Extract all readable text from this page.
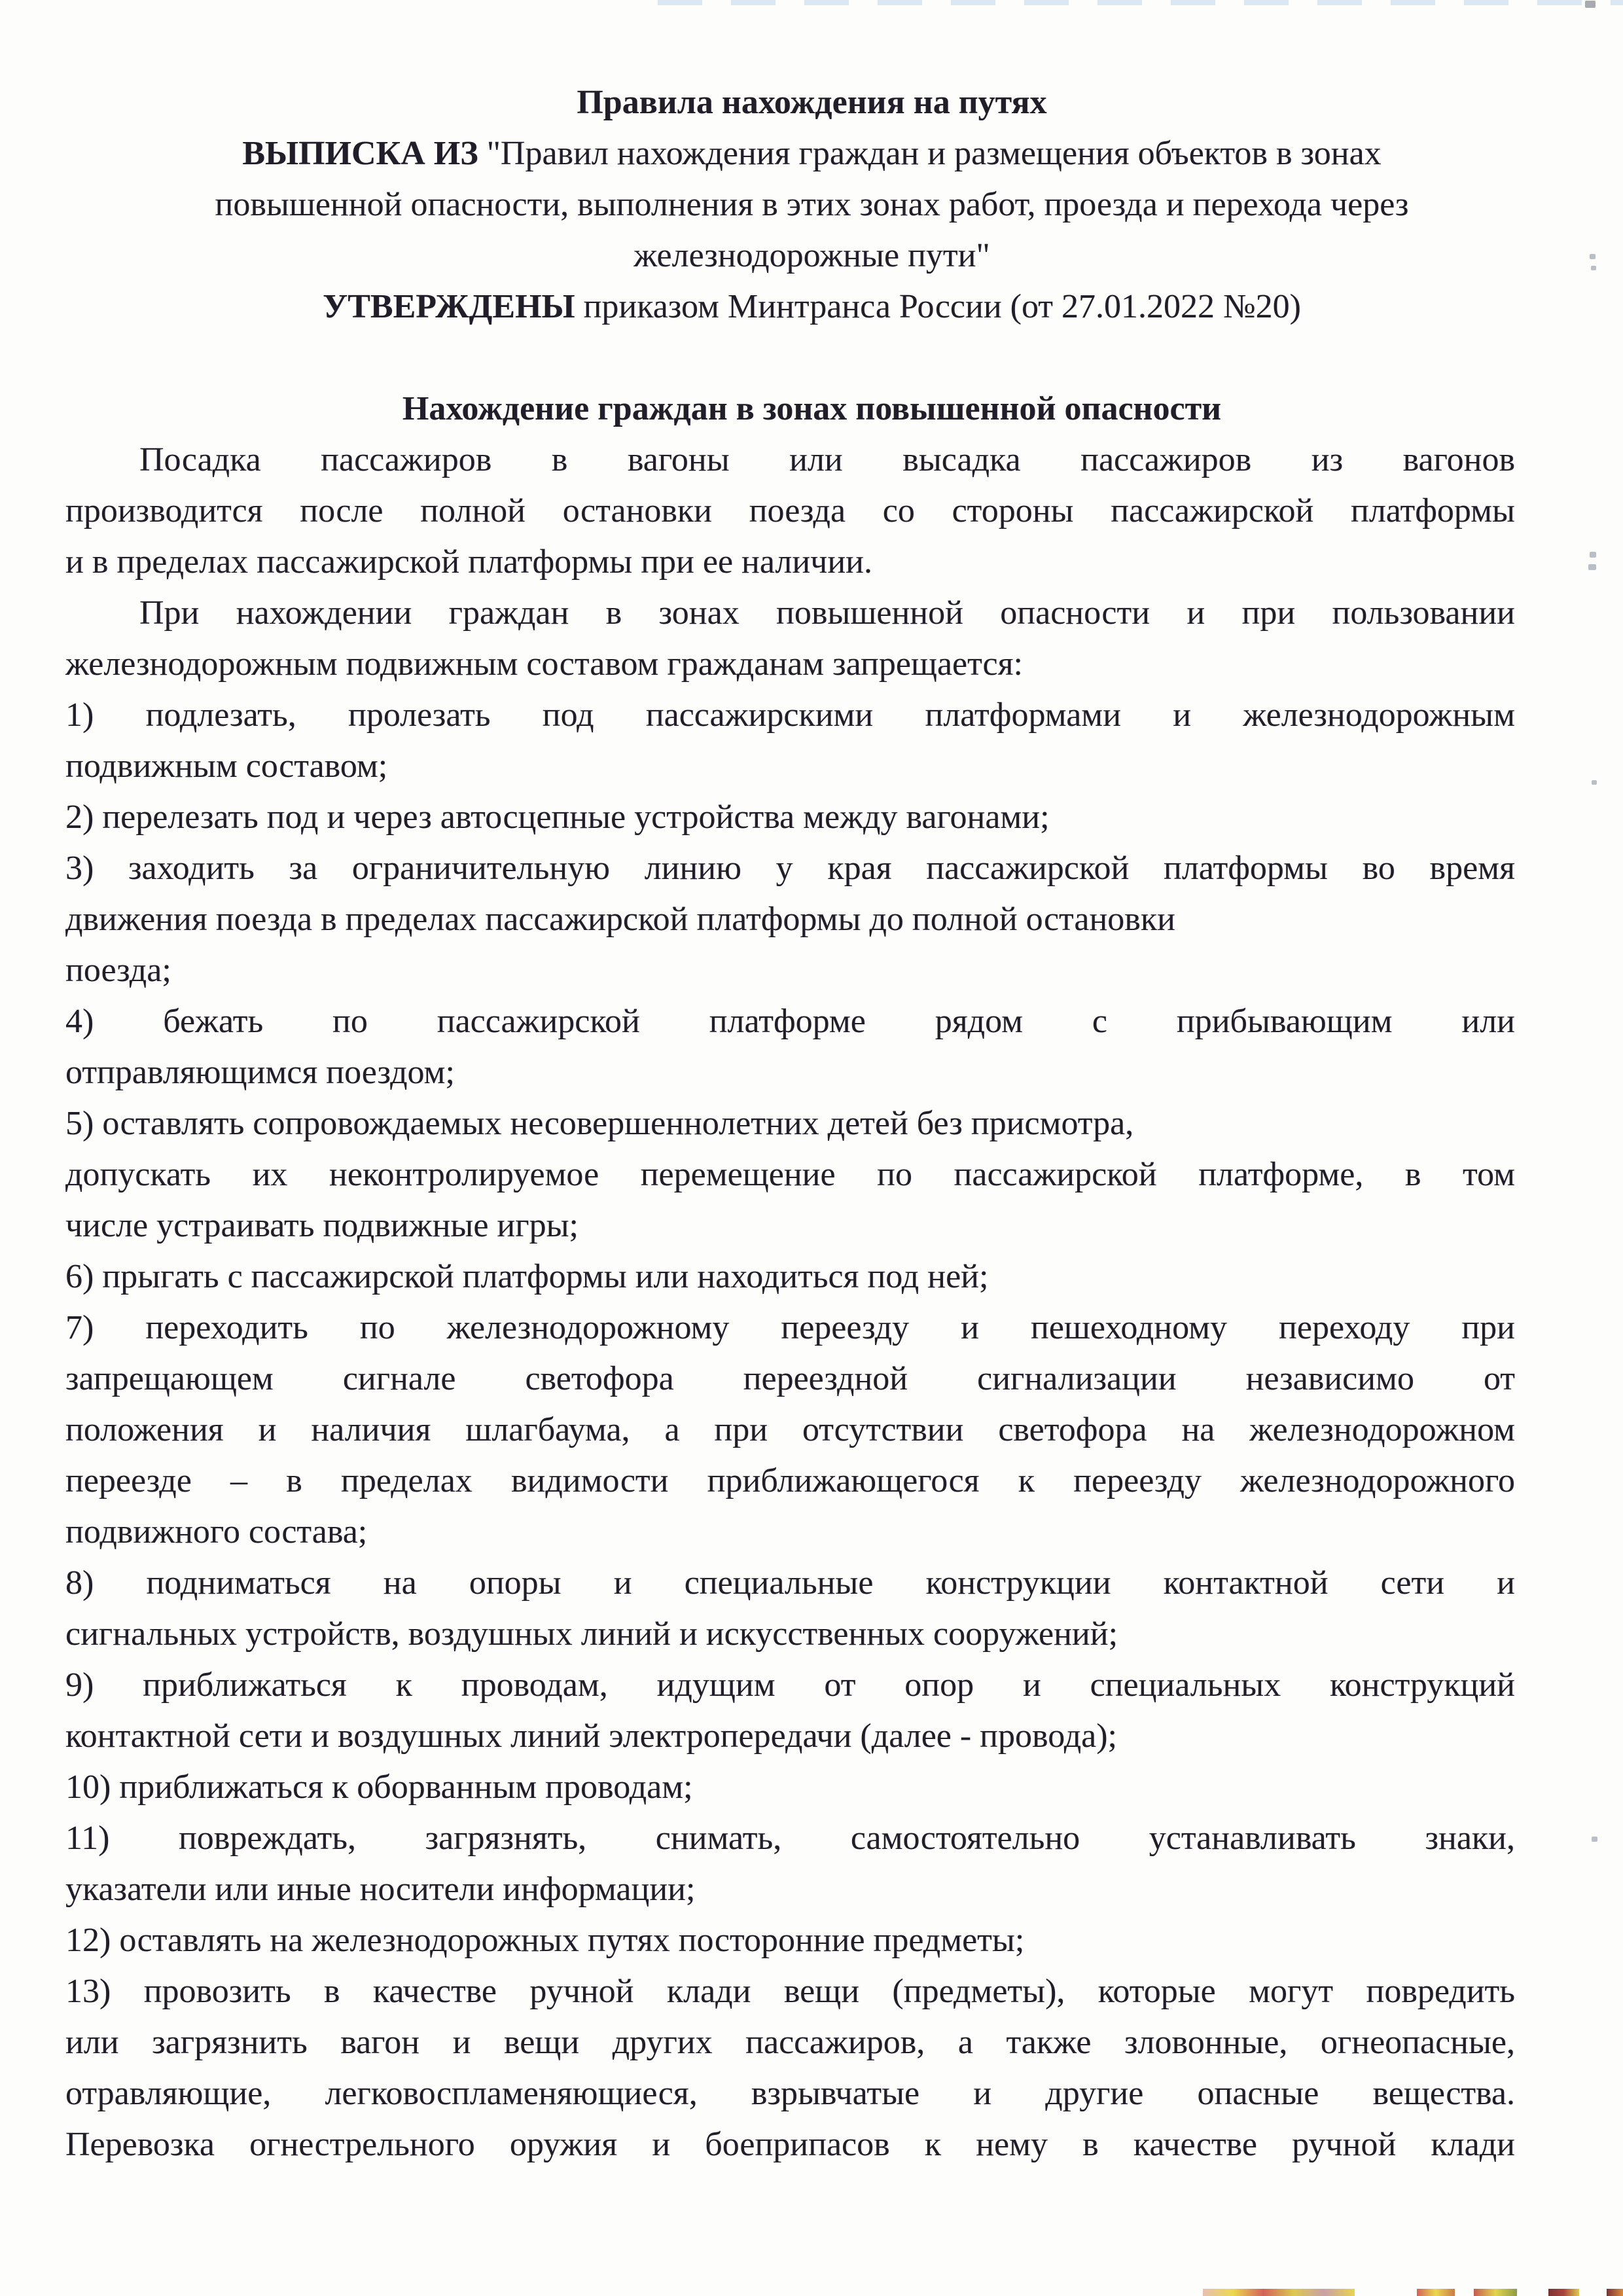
Правила нахождения на путях
ВЫПИСКА ИЗ "Правил нахождения граждан и размещения объектов в зонах
повышенной опасности, выполнения в этих зонах работ, проезда и перехода через
железнодорожные пути"
УТВЕРЖДЕНЫ приказом Минтранса России (от 27.01.2022 №20)
Нахождение граждан в зонах повышенной опасности
Посадка пассажиров в вагоны или высадка пассажиров из вагонов
производится после полной остановки поезда со стороны пассажирской платформы
и в пределах пассажирской платформы при ее наличии.
При нахождении граждан в зонах повышенной опасности и при пользовании
железнодорожным подвижным составом гражданам запрещается:
1) подлезать, пролезать под пассажирскими платформами и железнодорожным
подвижным составом;
2) перелезать под и через автосцепные устройства между вагонами;
3) заходить за ограничительную линию у края пассажирской платформы во время
движения поезда в пределах пассажирской платформы до полной остановки
поезда;
4) бежать по пассажирской платформе рядом с прибывающим или
отправляющимся поездом;
5) оставлять сопровождаемых несовершеннолетних детей без присмотра,
допускать их неконтролируемое перемещение по пассажирской платформе, в том
числе устраивать подвижные игры;
6) прыгать с пассажирской платформы или находиться под ней;
7) переходить по железнодорожному переезду и пешеходному переходу при
запрещающем сигнале светофора переездной сигнализации независимо от
положения и наличия шлагбаума, а при отсутствии светофора на железнодорожном
переезде – в пределах видимости приближающегося к переезду железнодорожного
подвижного состава;
8) подниматься на опоры и специальные конструкции контактной сети и
сигнальных устройств, воздушных линий и искусственных сооружений;
9) приближаться к проводам, идущим от опор и специальных конструкций
контактной сети и воздушных линий электропередачи (далее - провода);
10) приближаться к оборванным проводам;
11) повреждать, загрязнять, снимать, самостоятельно устанавливать знаки,
указатели или иные носители информации;
12) оставлять на железнодорожных путях посторонние предметы;
13) провозить в качестве ручной клади вещи (предметы), которые могут повредить
или загрязнить вагон и вещи других пассажиров, а также зловонные, огнеопасные,
отравляющие, легковоспламеняющиеся, взрывчатые и другие опасные вещества.
Перевозка огнестрельного оружия и боеприпасов к нему в качестве ручной клади
